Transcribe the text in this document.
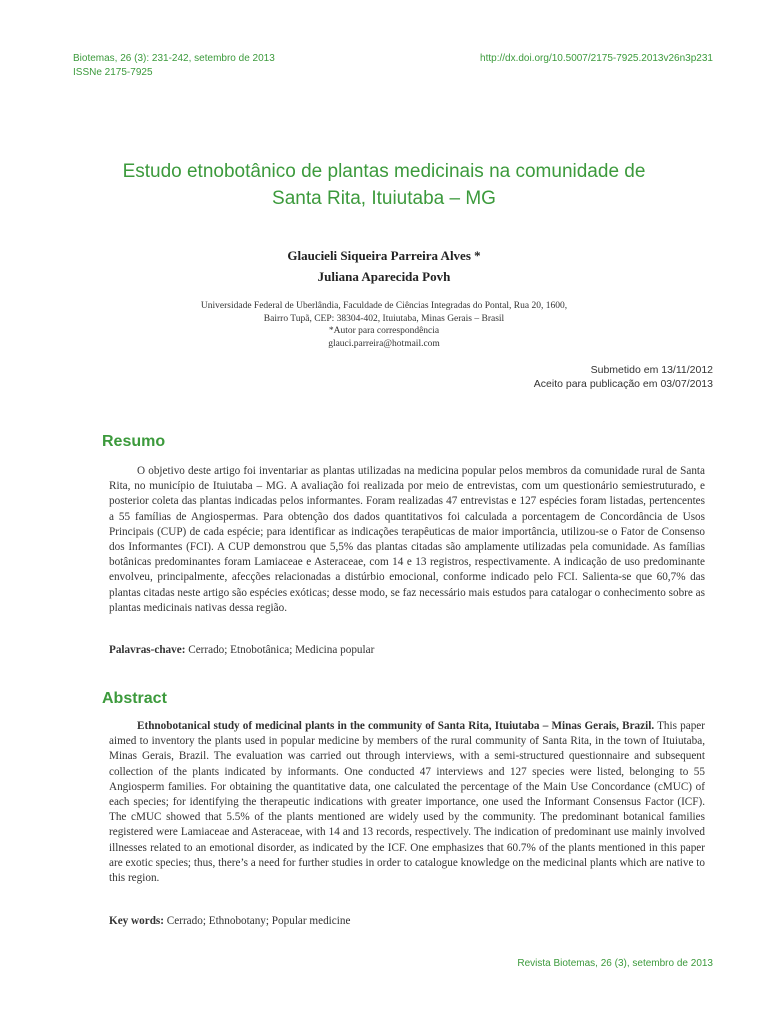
Biotemas, 26 (3): 231-242, setembro de 2013
ISSNe 2175-7925
http://dx.doi.org/10.5007/2175-7925.2013v26n3p231
Estudo etnobotânico de plantas medicinais na comunidade de
Santa Rita, Ituiutaba – MG
Glaucieli Siqueira Parreira Alves *
Juliana Aparecida Povh
Universidade Federal de Uberlândia, Faculdade de Ciências Integradas do Pontal, Rua 20, 1600,
Bairro Tupã, CEP: 38304-402, Ituiutaba, Minas Gerais – Brasil
*Autor para correspondência
glauci.parreira@hotmail.com
Submetido em 13/11/2012
Aceito para publicação em 03/07/2013
Resumo

O objetivo deste artigo foi inventariar as plantas utilizadas na medicina popular pelos membros da comunidade rural de Santa Rita, no município de Ituiutaba – MG. A avaliação foi realizada por meio de entrevistas, com um questionário semiestruturado, e posterior coleta das plantas indicadas pelos informantes. Foram realizadas 47 entrevistas e 127 espécies foram listadas, pertencentes a 55 famílias de Angiospermas. Para obtenção dos dados quantitativos foi calculada a porcentagem de Concordância de Usos Principais (CUP) de cada espécie; para identificar as indicações terapêuticas de maior importância, utilizou-se o Fator de Consenso dos Informantes (FCI). A CUP demonstrou que 5,5% das plantas citadas são amplamente utilizadas pela comunidade. As famílias botânicas predominantes foram Lamiaceae e Asteraceae, com 14 e 13 registros, respectivamente. A indicação de uso predominante envolveu, principalmente, afecções relacionadas a distúrbio emocional, conforme indicado pelo FCI. Salienta-se que 60,7% das plantas citadas neste artigo são espécies exóticas; desse modo, se faz necessário mais estudos para catalogar o conhecimento sobre as plantas medicinais nativas dessa região.

Palavras-chave: Cerrado; Etnobotânica; Medicina popular
Abstract

Ethnobotanical study of medicinal plants in the community of Santa Rita, Ituiutaba – Minas Gerais, Brazil. This paper aimed to inventory the plants used in popular medicine by members of the rural community of Santa Rita, in the town of Ituiutaba, Minas Gerais, Brazil. The evaluation was carried out through interviews, with a semi-structured questionnaire and subsequent collection of the plants indicated by informants. One conducted 47 interviews and 127 species were listed, belonging to 55 Angiosperm families. For obtaining the quantitative data, one calculated the percentage of the Main Use Concordance (cMUC) of each species; for identifying the therapeutic indications with greater importance, one used the Informant Consensus Factor (ICF). The cMUC showed that 5.5% of the plants mentioned are widely used by the community. The predominant botanical families registered were Lamiaceae and Asteraceae, with 14 and 13 records, respectively. The indication of predominant use mainly involved illnesses related to an emotional disorder, as indicated by the ICF. One emphasizes that 60.7% of the plants mentioned in this paper are exotic species; thus, there’s a need for further studies in order to catalogue knowledge on the medicinal plants which are native to this region.

Key words: Cerrado; Ethnobotany; Popular medicine
Revista Biotemas, 26 (3), setembro de 2013
